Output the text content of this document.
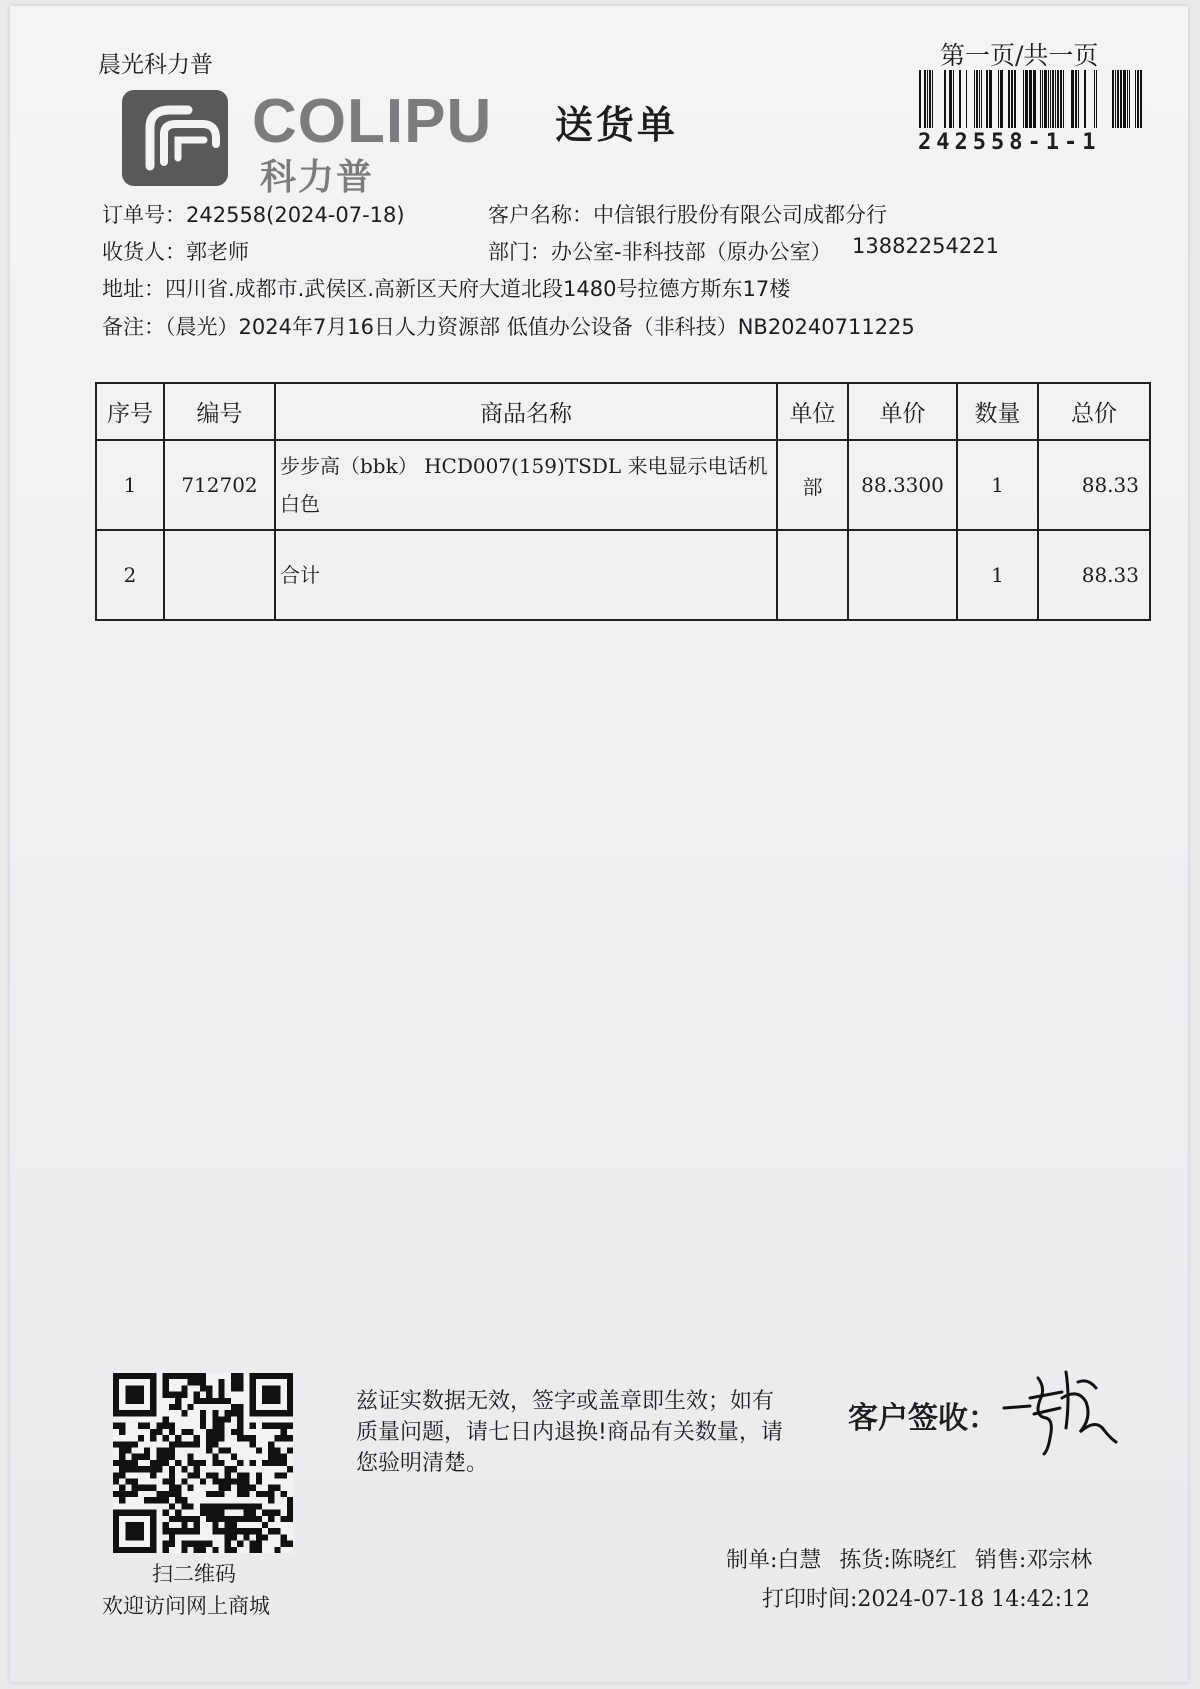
晨光科力普	第一页/共一页
242558-1-1
COLIPU
科力普
送货单
订单号：242558(2024-07-18)	客户名称：中信银行股份有限公司成都分行
收货人：郭老师	部门：办公室-非科技部（原办公室） 13882254221
地址：四川省.成都市.武侯区.高新区天府大道北段1480号拉德方斯东17楼
备注：（晨光）2024年7月16日人力资源部 低值办公设备（非科技）NB20240711225
序号	编号	商品名称	单位	单价	数量	总价
1	712702	步步高（bbk） HCD007(159)TSDL 来电显示电话机 白色	部	88.3300	1	88.33
2		合计			1	88.33
扫二维码
欢迎访问网上商城
兹证实数据无效，签字或盖章即生效；如有质量问题，请七日内退换!商品有关数量，请您验明清楚。
客户签收：
制单:白慧 拣货:陈晓红 销售:邓宗林
打印时间:2024-07-18 14:42:12
